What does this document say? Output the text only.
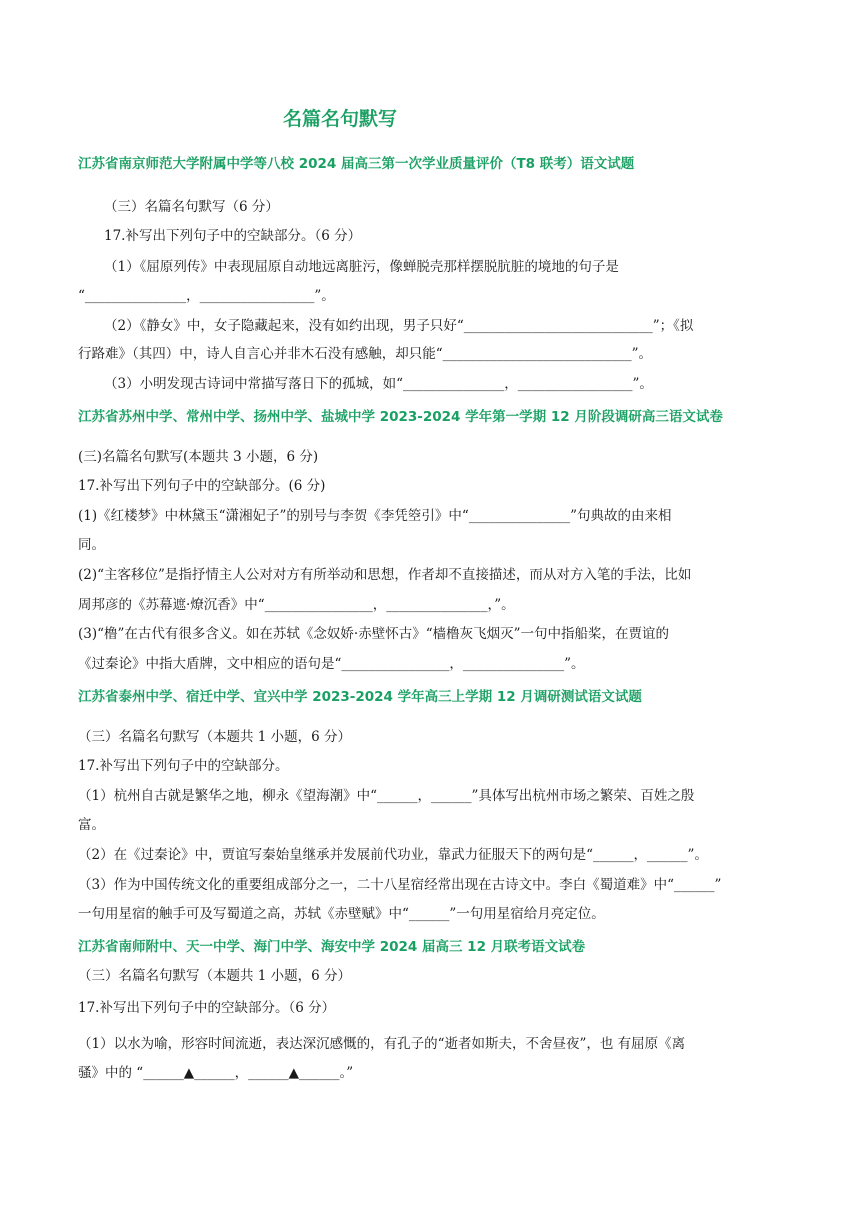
名篇名句默写
江苏省南京师范大学附属中学等八校 2024 届高三第一次学业质量评价（T8 联考）语文试题
（三）名篇名句默写（6 分）
17.补写出下列句子中的空缺部分。（6 分）
（1）《屈原列传》中表现屈原自动地远离脏污，像蝉脱壳那样摆脱肮脏的境地的句子是
“_______________，_________________”。
（2）《静女》中，女子隐藏起来，没有如约出现，男子只好“____________________________”；《拟
行路难》（其四）中，诗人自言心并非木石没有感触，却只能“____________________________”。
（3）小明发现古诗词中常描写落日下的孤城，如“_______________，_________________”。
江苏省苏州中学、常州中学、扬州中学、盐城中学 2023-2024 学年第一学期 12 月阶段调研高三语文试卷
(三)名篇名句默写(本题共 3 小题，6 分)
17.补写出下列句子中的空缺部分。(6 分)
(1)《红楼梦》中林黛玉“潇湘妃子”的别号与李贺《李凭箜引》中“_______________”句典故的由来相
同。
(2)“主客移位”是指抒情主人公对对方有所举动和思想，作者却不直接描述，而从对方入笔的手法，比如
周邦彦的《苏幕遮·燎沉香》中“________________，_______________，”。
(3)“橹”在古代有很多含义。如在苏轼《念奴娇·赤壁怀古》“樯橹灰飞烟灭”一句中指船桨，在贾谊的
《过秦论》中指大盾牌，文中相应的语句是“________________，_______________”。
江苏省泰州中学、宿迁中学、宜兴中学 2023-2024 学年高三上学期 12 月调研测试语文试题
（三）名篇名句默写（本题共 1 小题，6 分）
17.补写出下列句子中的空缺部分。
（1）杭州自古就是繁华之地，柳永《望海潮》中“______，______”具体写出杭州市场之繁荣、百姓之殷
富。
（2）在《过秦论》中，贾谊写秦始皇继承并发展前代功业，靠武力征服天下的两句是“______，______”。
（3）作为中国传统文化的重要组成部分之一，二十八星宿经常出现在古诗文中。李白《蜀道难》中“______”
一句用星宿的触手可及写蜀道之高，苏轼《赤壁赋》中“______”一句用星宿给月亮定位。
江苏省南师附中、天一中学、海门中学、海安中学 2024 届高三 12 月联考语文试卷
（三）名篇名句默写（本题共 1 小题，6 分）
17.补写出下列句子中的空缺部分。（6 分）
（1）以水为喻，形容时间流逝，表达深沉感慨的，有孔子的“逝者如斯夫，不舍昼夜”，也 有屈原《离
骚》中的 “______▲______，______▲______。”
